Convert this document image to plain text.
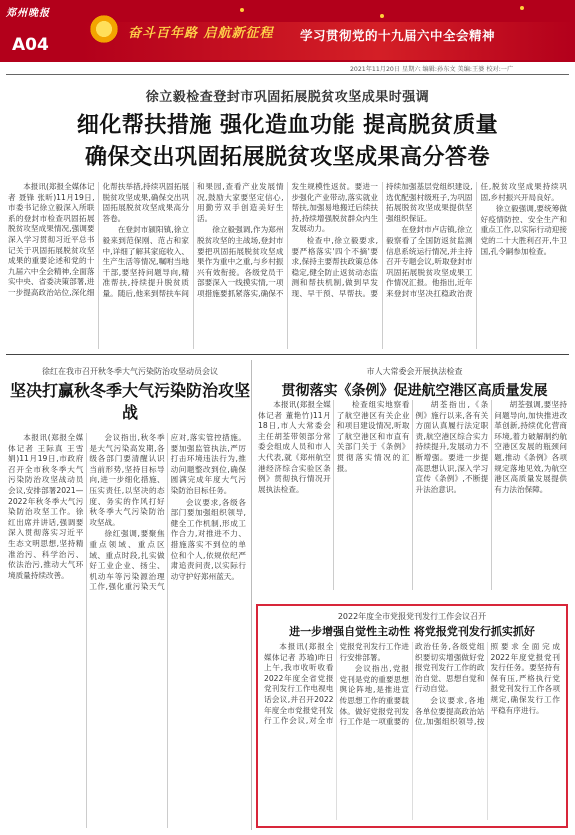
郑州晚报
A04
奋斗百年路 启航新征程 学习贯彻党的十九届六中全会精神
2021年11月20日 星期六 编辑:孙东文 美编:王婆 校对:一广
徐立毅检查登封市巩固拓展脱贫攻坚成果时强调
细化帮扶措施 强化造血功能 提高脱贫质量
确保交出巩固拓展脱贫攻坚成果高分答卷

本报讯(郑报全媒体记者 聂锋 张昕)11月19日,市委书记徐立毅深入所联系的登封市检查巩固拓展脱贫攻坚成果情况,强调要深入学习贯彻习近平总书记关于巩固拓展脱贫攻坚成果的重要论述和党的十九届六中全会精神,全面落实中央、省委决策部署,进一步提高政治站位,深化细化帮扶举措,持续巩固拓展脱贫攻坚成果,确保交出巩固拓展脱贫攻坚成果高分答卷。

在登封市颍阳镇,徐立毅来到范保刚、范占和家中,详细了解其家庭收入、生产生活等情况,嘱咐当地干部,要坚持问题导向,精准帮扶,持续提升脱贫质量。随后,他来到帮扶车间和果园,查看产业发展情况,鼓励大家要坚定信心,用勤劳双手创造美好生活。

徐立毅强调,作为郑州脱贫攻坚的主战场,登封市要把巩固拓展脱贫攻坚成果作为重中之重,与乡村振兴有效衔接。各级党员干部要深入一线摸实情,一项项措施要抓紧落实,确保不发生规模性返贫。要进一步强化产业带动,落实就业帮扶,加强易地搬迁后续扶持,持续增强脱贫群众内生发展动力。

检查中,徐立毅要求,要严格落实'四个不摘'要求,保持主要帮扶政策总体稳定,健全防止返贫动态监测和帮扶机制,做到早发现、早干预、早帮扶。要持续加强基层党组织建设,选优配强村级班子,为巩固拓展脱贫攻坚成果提供坚强组织保证。

在登封市卢店镇,徐立毅察看了全国防返贫监测信息系统运行情况,并主持召开专题会议,听取登封市巩固拓展脱贫攻坚成果工作情况汇报。他指出,近年来登封市坚决扛稳政治责任,脱贫攻坚成果持续巩固,乡村振兴开局良好。

徐立毅强调,要统筹做好疫情防控、安全生产和重点工作,以实际行动迎接党的二十大胜利召开,牛卫国,孔令嗣参加检查。

徐红在我市召开秋冬季大气污染防治攻坚动员会议
坚决打赢秋冬季大气污染防治攻坚战

本报讯(郑报全媒体记者 王际真 王雪娟)11月19日,市政府召开全市秋冬季大气污染防治攻坚战动员会议,安排部署2021—2022年秋冬季大气污染防治攻坚工作。徐红出席并讲话,强调要深入贯彻落实习近平生态文明思想,坚持精准治污、科学治污、依法治污,推动大气环境质量持续改善。

会议指出,秋冬季是大气污染高发期,各级各部门要清醒认识当前形势,坚持目标导向,进一步细化措施、压实责任,以坚决的态度、务实的作风打好秋冬季大气污染防治攻坚战。

徐红强调,要聚焦重点领域、重点区域、重点时段,扎实做好工业企业、扬尘、机动车等污染源治理工作,强化重污染天气应对,落实管控措施。要加强监管执法,严厉打击环境违法行为,推动问题整改到位,确保圆满完成年度大气污染防治目标任务。

会议要求,各级各部门要加强组织领导,健全工作机制,形成工作合力,对推进不力、措施落实不到位的单位和个人,依规依纪严肃追责问责,以实际行动守护好郑州蓝天。

市人大常委会开展执法检查
贯彻落实《条例》促进航空港区高质量发展

本报讯(郑报全媒体记者 董艳竹)11月18日,市人大常委会主任胡荃带领部分常委会组成人员和市人大代表,就《郑州航空港经济综合实验区条例》贯彻执行情况开展执法检查。

检查组实地察看了航空港区有关企业和项目建设情况,听取了航空港区和市直有关部门关于《条例》贯彻落实情况的汇报。

胡荃指出,《条例》施行以来,各有关方面认真履行法定职责,航空港区综合实力持续提升,发展动力不断增强。要进一步提高思想认识,深入学习宣传《条例》,不断提升法治意识。

胡荃强调,要坚持问题导向,加快推进改革创新,持续优化营商环境,着力破解制约航空港区发展的瓶颈问题,推动《条例》各项规定落地见效,为航空港区高质量发展提供有力法治保障。

2022年度全市党报党刊发行工作会议召开
进一步增强自觉性主动性 将党报党刊发行抓实抓好

本报讯(郑报全媒体记者 苏瑜)昨日上午,我市收听收看2022年度全省党报党刊发行工作电视电话会议,并召开2022年度全市党报党刊发行工作会议,对全市党报党刊发行工作进行安排部署。

会议指出,党报党刊是党的重要思想舆论阵地,是推进宣传思想工作的重要载体。做好党报党刊发行工作是一项重要的政治任务,各级党组织要切实增强做好党报党刊发行工作的政治自觉、思想自觉和行动自觉。

会议要求,各地各单位要提高政治站位,加强组织领导,按照要求全面完成2022年度党报党刊发行任务。要坚持有保有压,严格执行党报党刊发行工作各项规定,确保发行工作平稳有序进行。
